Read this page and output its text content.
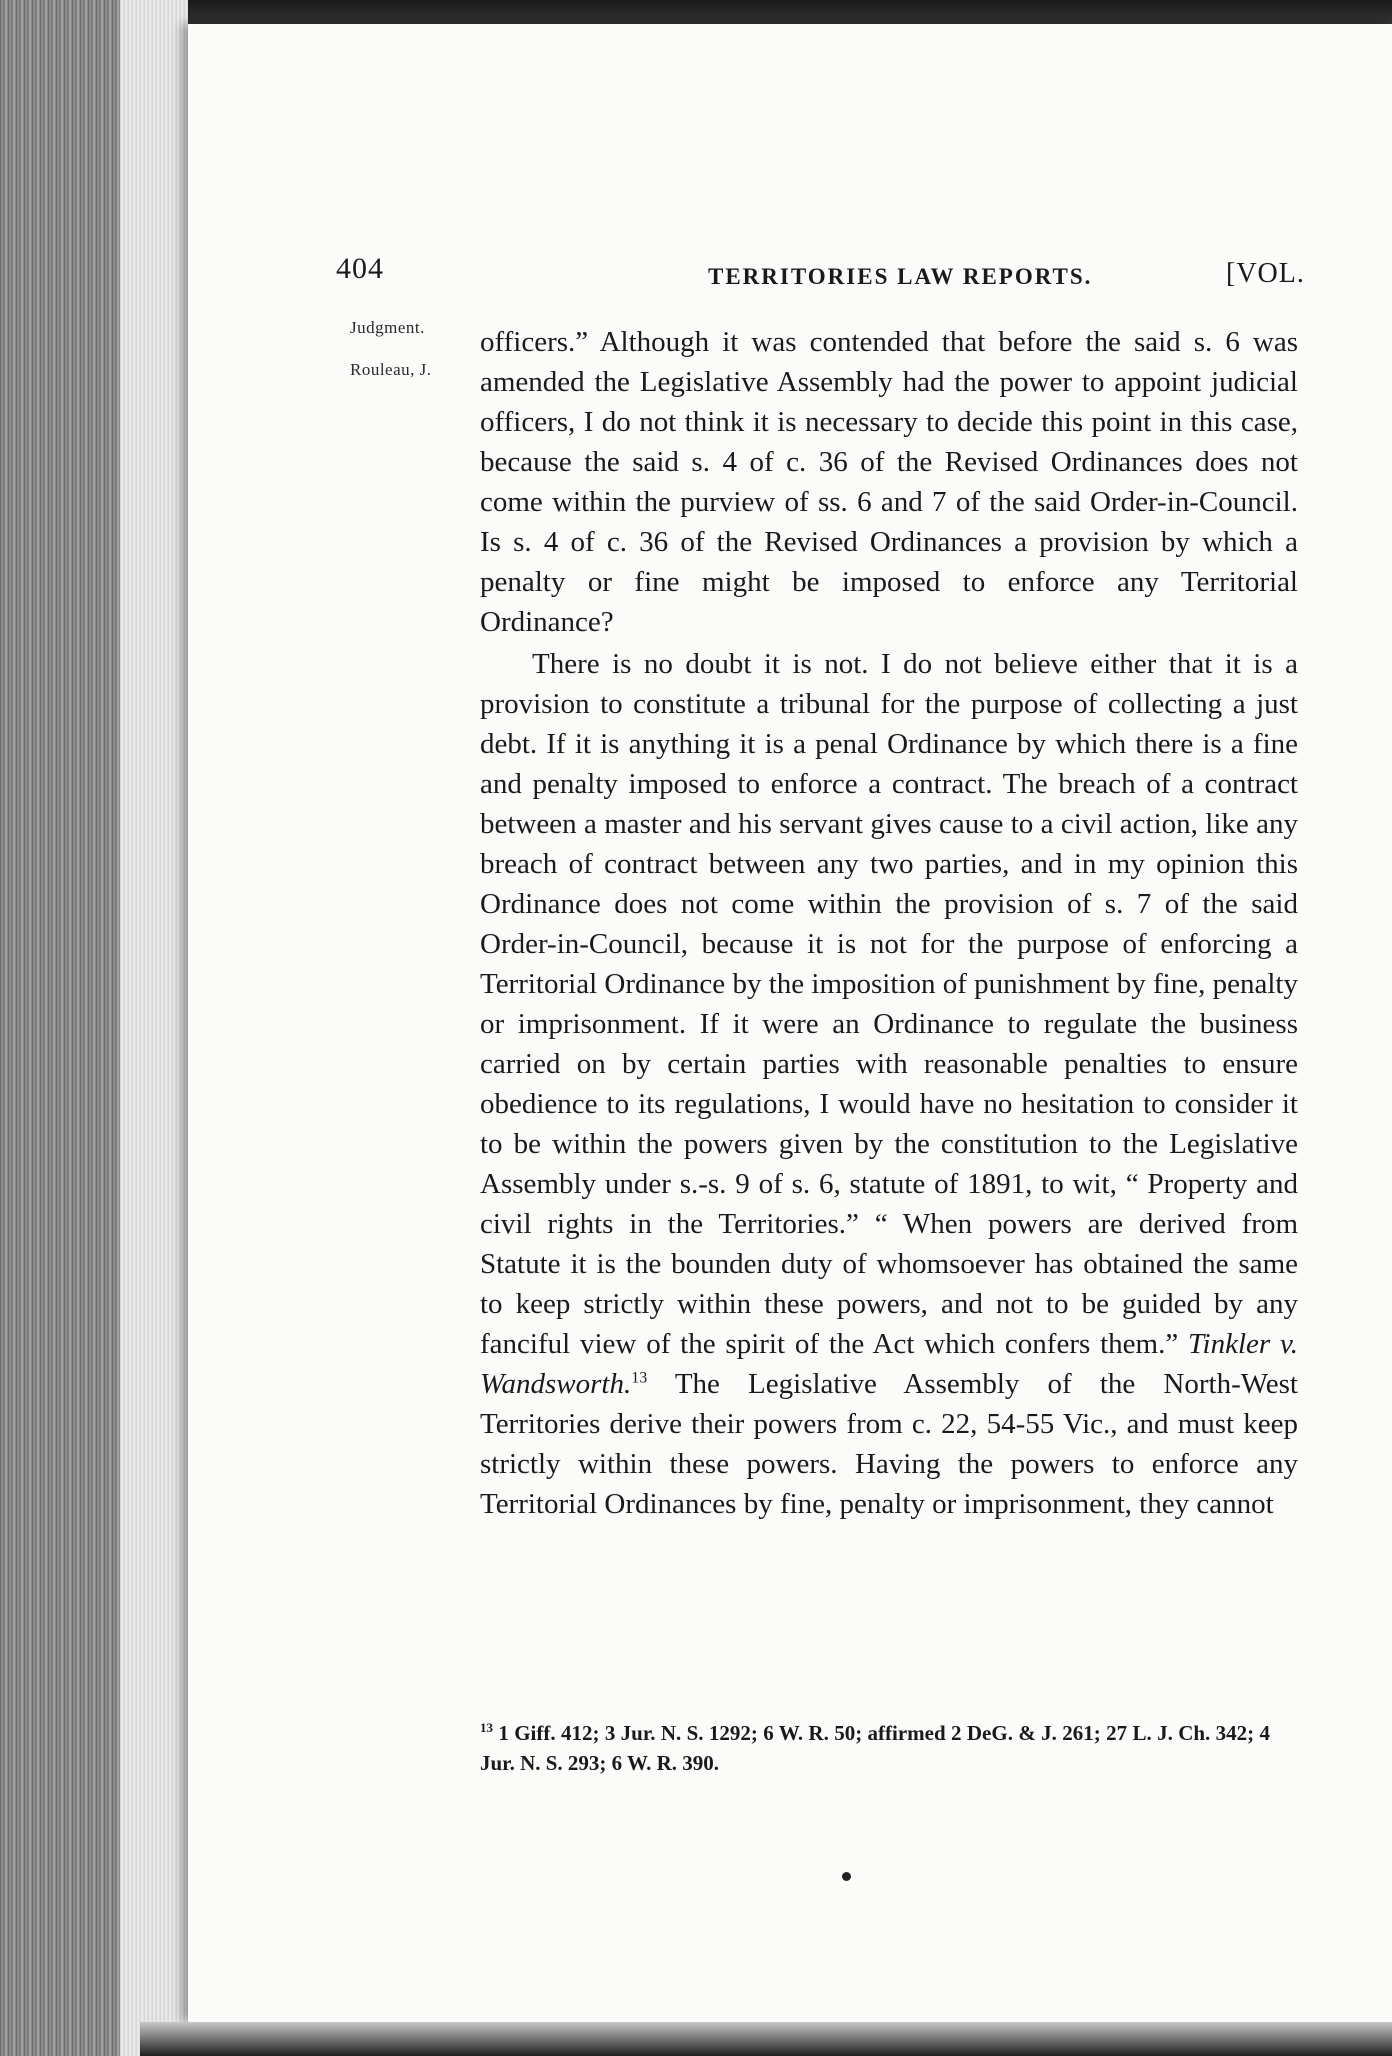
404	TERRITORIES LAW REPORTS.	[VOL.
Judgment.
Rouleau, J.

officers.” Although it was contended that before the said s. 6 was amended the Legislative Assembly had the power to appoint judicial officers, I do not think it is necessary to decide this point in this case, because the said s. 4 of c. 36 of the Revised Ordinances does not come within the purview of ss. 6 and 7 of the said Order-in-Council. Is s. 4 of c. 36 of the Revised Ordinances a provision by which a penalty or fine might be imposed to enforce any Territorial Ordinance?

There is no doubt it is not. I do not believe either that it is a provision to constitute a tribunal for the purpose of collecting a just debt. If it is anything it is a penal Ordinance by which there is a fine and penalty imposed to enforce a contract. The breach of a contract between a master and his servant gives cause to a civil action, like any breach of contract between any two parties, and in my opinion this Ordinance does not come within the provision of s. 7 of the said Order-in-Council, because it is not for the purpose of enforcing a Territorial Ordinance by the imposition of punishment by fine, penalty or imprisonment. If it were an Ordinance to regulate the business carried on by certain parties with reasonable penalties to ensure obedience to its regulations, I would have no hesitation to consider it to be within the powers given by the constitution to the Legislative Assembly under s.-s. 9 of s. 6, statute of 1891, to wit, “ Property and civil rights in the Territories.” “ When powers are derived from Statute it is the bounden duty of whomsoever has obtained the same to keep strictly within these powers, and not to be guided by any fanciful view of the spirit of the Act which confers them.” Tinkler v. Wandsworth.$^{13}$ The Legislative Assembly of the North-West Territories derive their powers from c. 22, 54-55 Vic., and must keep strictly within these powers. Having the powers to enforce any Territorial Ordinances by fine, penalty or imprisonment, they cannot

$^{13}$ 1 Giff. 412; 3 Jur. N. S. 1292; 6 W. R. 50; affirmed 2 DeG. & J. 261; 27 L. J. Ch. 342; 4 Jur. N. S. 293; 6 W. R. 390.
